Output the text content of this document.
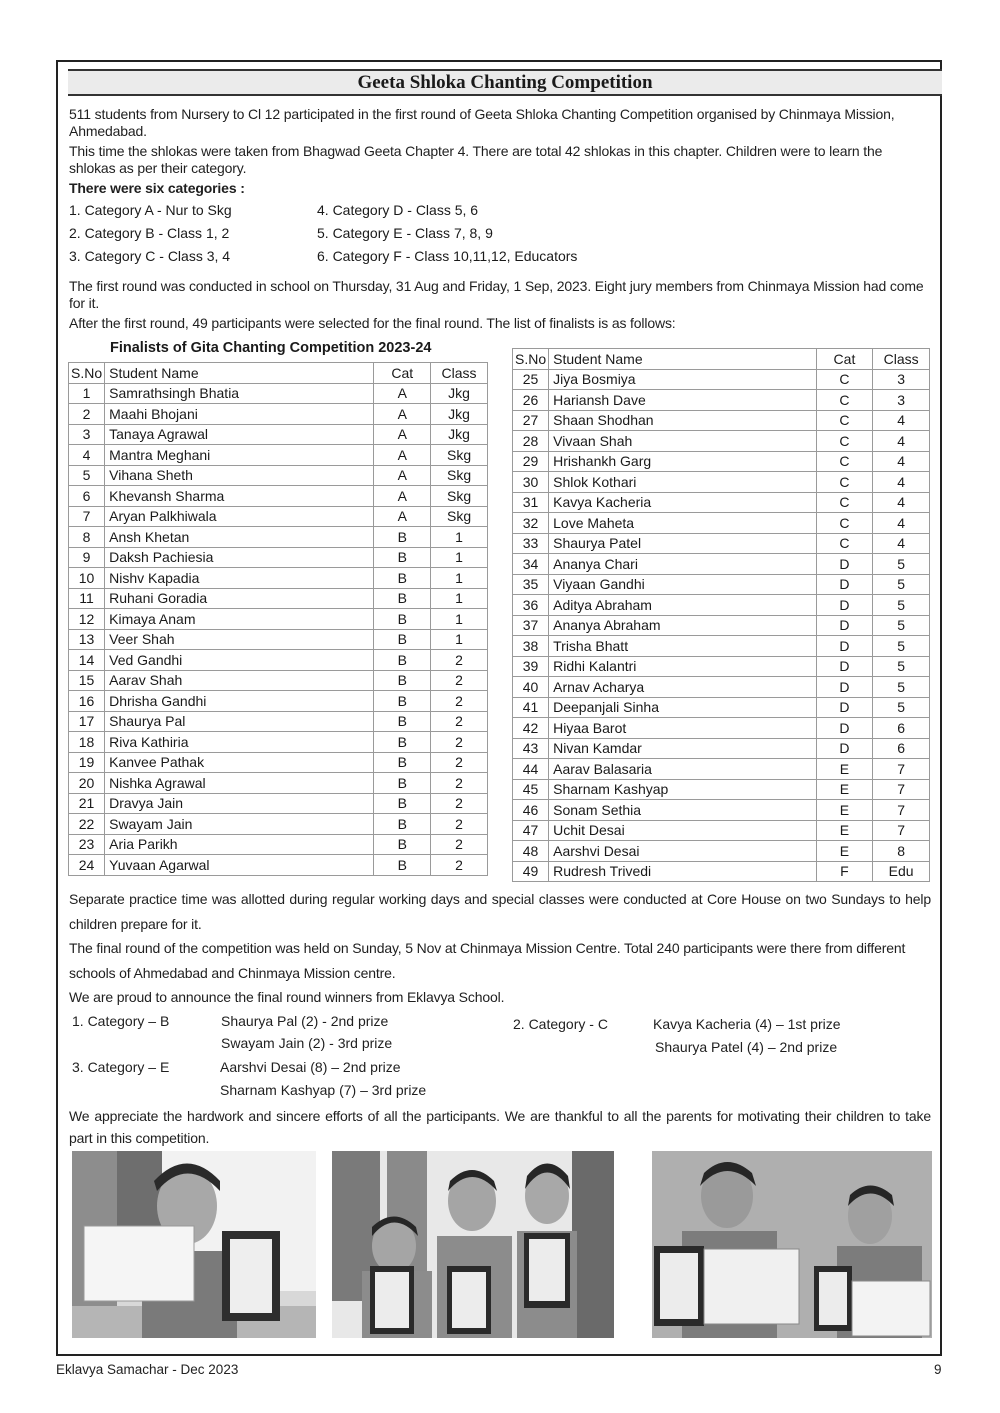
Geeta Shloka Chanting Competition

511 students from Nursery to Cl 12 participated in the first round of Geeta Shloka Chanting Competition organised by Chinmaya Mission, Ahmedabad.

This time the shlokas were taken from Bhagwad Geeta Chapter 4. There are total 42 shlokas in this chapter. Children were to learn the shlokas as per their category.

There were six categories :

1. Category A - Nur to Skg
2. Category B - Class 1, 2
3. Category C - Class 3, 4
4. Category D - Class 5, 6
5. Category E - Class 7, 8, 9
6. Category F - Class 10,11,12, Educators

The first round was conducted in school on Thursday, 31 Aug and Friday, 1 Sep, 2023. Eight jury members from Chinmaya Mission had come for it.

After the first round, 49 participants were selected for the final round. The list of finalists is as follows:

Finalists of Gita Chanting Competition 2023-24
S.No	Student Name	Cat	Class
1	Samrathsingh Bhatia	A	Jkg
2	Maahi Bhojani	A	Jkg
3	Tanaya Agrawal	A	Jkg
4	Mantra Meghani	A	Skg
5	Vihana Sheth	A	Skg
6	Khevansh Sharma	A	Skg
7	Aryan Palkhiwala	A	Skg
8	Ansh Khetan	B	1
9	Daksh Pachiesia	B	1
10	Nishv Kapadia	B	1
11	Ruhani Goradia	B	1
12	Kimaya Anam	B	1
13	Veer Shah	B	1
14	Ved Gandhi	B	2
15	Aarav Shah	B	2
16	Dhrisha Gandhi	B	2
17	Shaurya Pal	B	2
18	Riva Kathiria	B	2
19	Kanvee Pathak	B	2
20	Nishka Agrawal	B	2
21	Dravya Jain	B	2
22	Swayam Jain	B	2
23	Aria Parikh	B	2
24	Yuvaan Agarwal	B	2
S.No	Student Name	Cat	Class
25	Jiya Bosmiya	C	3
26	Hariansh Dave	C	3
27	Shaan Shodhan	C	4
28	Vivaan Shah	C	4
29	Hrishankh Garg	C	4
30	Shlok Kothari	C	4
31	Kavya Kacheria	C	4
32	Love Maheta	C	4
33	Shaurya Patel	C	4
34	Ananya Chari	D	5
35	Viyaan Gandhi	D	5
36	Aditya Abraham	D	5
37	Ananya Abraham	D	5
38	Trisha Bhatt	D	5
39	Ridhi Kalantri	D	5
40	Arnav Acharya	D	5
41	Deepanjali Sinha	D	5
42	Hiyaa Barot	D	6
43	Nivan Kamdar	D	6
44	Aarav Balasaria	E	7
45	Sharnam Kashyap	E	7
46	Sonam Sethia	E	7
47	Uchit Desai	E	7
48	Aarshvi Desai	E	8
49	Rudresh Trivedi	F	Edu

Separate practice time was allotted during regular working days and special classes were conducted at Core House on two Sundays to help children prepare for it.

The final round of the competition was held on Sunday, 5 Nov at Chinmaya Mission Centre. Total 240 participants were there from different schools of Ahmedabad and Chinmaya Mission centre.

We are proud to announce the final round winners from Eklavya School.

1. Category – B	Shaurya Pal (2) - 2nd prize
Swayam Jain (2) - 3rd prize
2. Category - C	Kavya Kacheria (4) – 1st prize
Shaurya Patel (4) – 2nd prize
3. Category – E	Aarshvi Desai (8) – 2nd prize
Sharnam Kashyap (7) – 3rd prize
We appreciate the hardwork and sincere efforts of all the participants. We are thankful to all the parents for motivating their children to take part in this competition.
Eklavya Samachar - Dec 2023	9
